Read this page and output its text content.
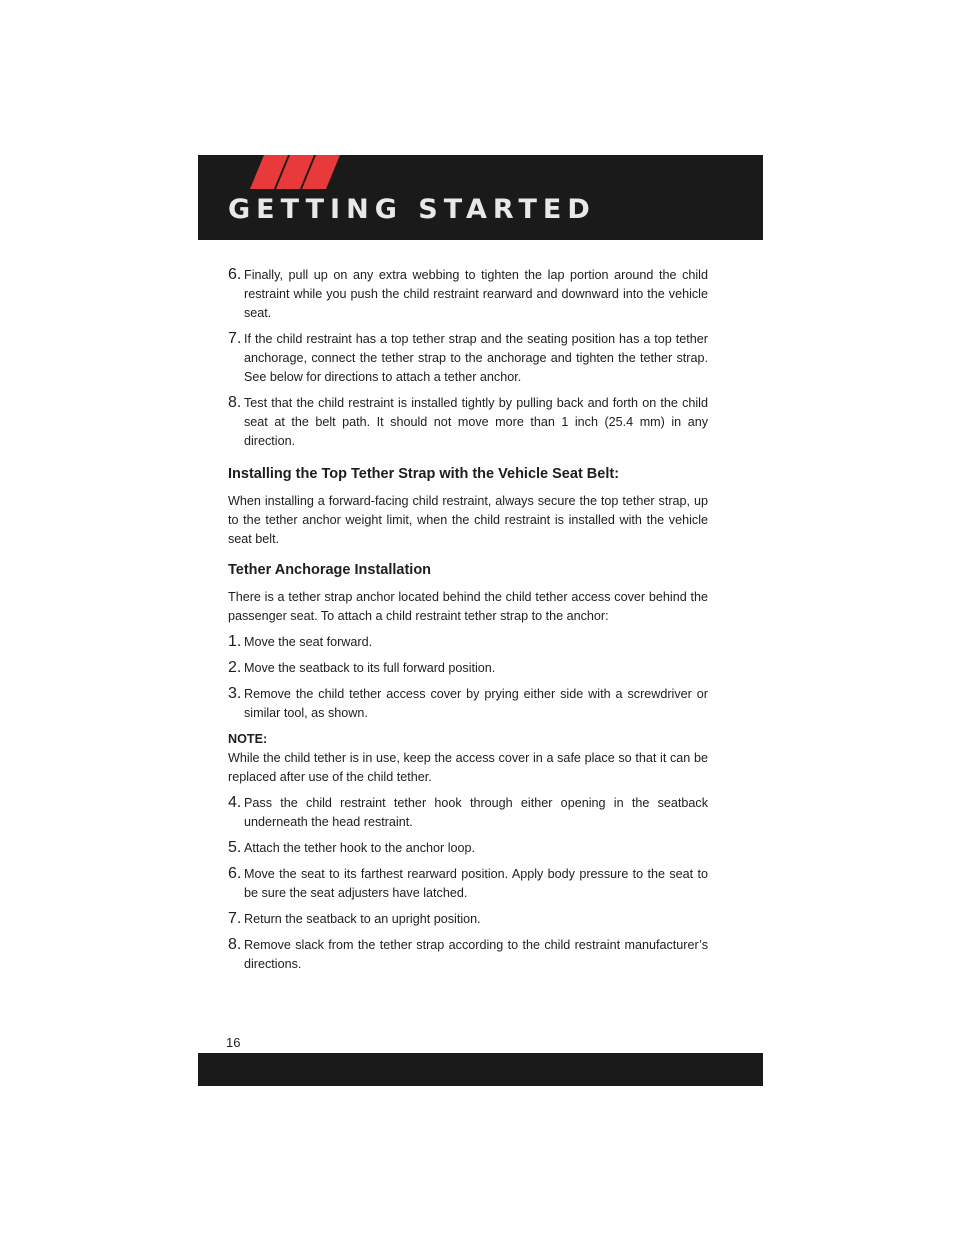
GETTING STARTED
6. Finally, pull up on any extra webbing to tighten the lap portion around the child restraint while you push the child restraint rearward and downward into the vehicle seat.
7. If the child restraint has a top tether strap and the seating position has a top tether anchorage, connect the tether strap to the anchorage and tighten the tether strap. See below for directions to attach a tether anchor.
8. Test that the child restraint is installed tightly by pulling back and forth on the child seat at the belt path. It should not move more than 1 inch (25.4 mm) in any direction.
Installing the Top Tether Strap with the Vehicle Seat Belt:

When installing a forward-facing child restraint, always secure the top tether strap, up to the tether anchor weight limit, when the child restraint is installed with the vehicle seat belt.

Tether Anchorage Installation

There is a tether strap anchor located behind the child tether access cover behind the passenger seat. To attach a child restraint tether strap to the anchor:

1. Move the seat forward.
2. Move the seatback to its full forward position.
3. Remove the child tether access cover by prying either side with a screwdriver or similar tool, as shown.
NOTE:

While the child tether is in use, keep the access cover in a safe place so that it can be replaced after use of the child tether.

4. Pass the child restraint tether hook through either opening in the seatback underneath the head restraint.
5. Attach the tether hook to the anchor loop.
6. Move the seat to its farthest rearward position. Apply body pressure to the seat to be sure the seat adjusters have latched.
7. Return the seatback to an upright position.
8. Remove slack from the tether strap according to the child restraint manufacturer’s directions.
16
